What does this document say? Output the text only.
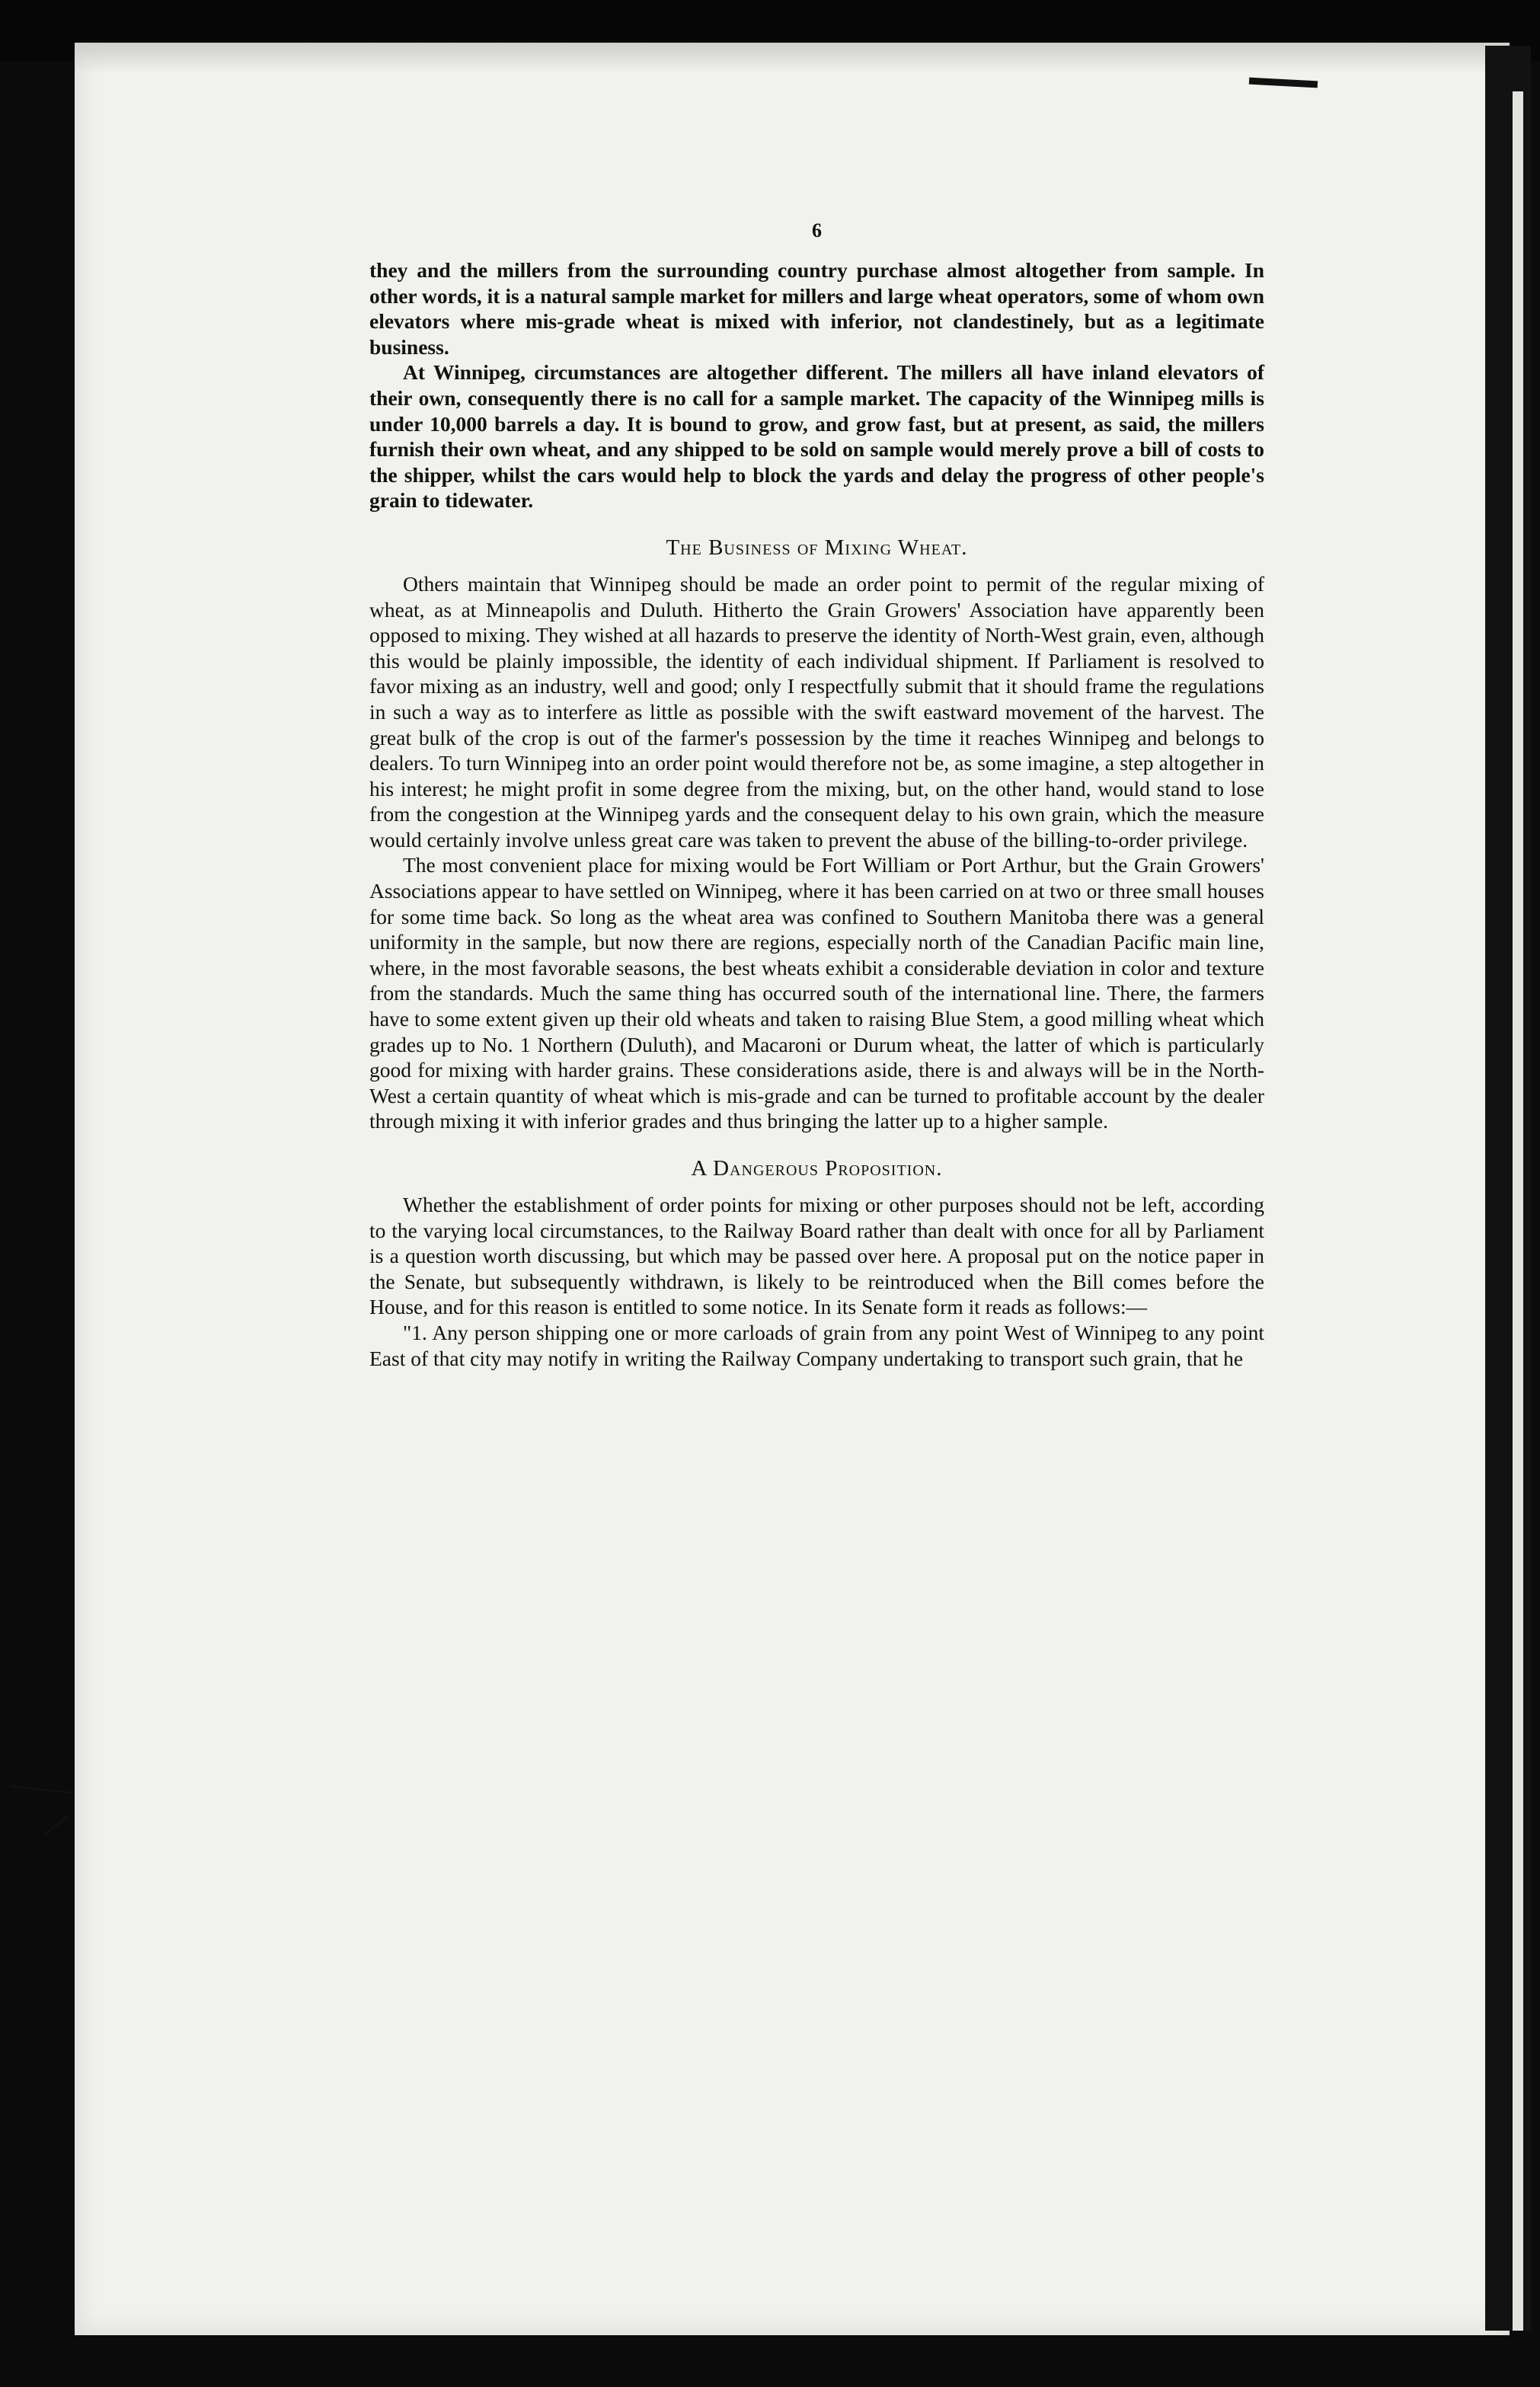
6

they and the millers from the surrounding country purchase almost altogether from sample. In other words, it is a natural sample market for millers and large wheat operators, some of whom own elevators where mis-grade wheat is mixed with inferior, not clandestinely, but as a legitimate business.

At Winnipeg, circumstances are altogether different. The millers all have inland elevators of their own, consequently there is no call for a sample market. The capacity of the Winnipeg mills is under 10,000 barrels a day. It is bound to grow, and grow fast, but at present, as said, the millers furnish their own wheat, and any shipped to be sold on sample would merely prove a bill of costs to the shipper, whilst the cars would help to block the yards and delay the progress of other people's grain to tidewater.

The Business of Mixing Wheat.

Others maintain that Winnipeg should be made an order point to permit of the regular mixing of wheat, as at Minneapolis and Duluth. Hitherto the Grain Growers' Association have apparently been opposed to mixing. They wished at all hazards to preserve the identity of North-West grain, even, although this would be plainly impossible, the identity of each individual shipment. If Parliament is resolved to favor mixing as an industry, well and good; only I respectfully submit that it should frame the regulations in such a way as to interfere as little as possible with the swift eastward movement of the harvest. The great bulk of the crop is out of the farmer's possession by the time it reaches Winnipeg and belongs to dealers. To turn Winnipeg into an order point would therefore not be, as some imagine, a step altogether in his interest; he might profit in some degree from the mixing, but, on the other hand, would stand to lose from the congestion at the Winnipeg yards and the consequent delay to his own grain, which the measure would certainly involve unless great care was taken to prevent the abuse of the billing-to-order privilege.

The most convenient place for mixing would be Fort William or Port Arthur, but the Grain Growers' Associations appear to have settled on Winnipeg, where it has been carried on at two or three small houses for some time back. So long as the wheat area was confined to Southern Manitoba there was a general uniformity in the sample, but now there are regions, especially north of the Canadian Pacific main line, where, in the most favorable seasons, the best wheats exhibit a considerable deviation in color and texture from the standards. Much the same thing has occurred south of the international line. There, the farmers have to some extent given up their old wheats and taken to raising Blue Stem, a good milling wheat which grades up to No. 1 Northern (Duluth), and Macaroni or Durum wheat, the latter of which is particularly good for mixing with harder grains. These considerations aside, there is and always will be in the North-West a certain quantity of wheat which is mis-grade and can be turned to profitable account by the dealer through mixing it with inferior grades and thus bringing the latter up to a higher sample.

A Dangerous Proposition.

Whether the establishment of order points for mixing or other purposes should not be left, according to the varying local circumstances, to the Railway Board rather than dealt with once for all by Parliament is a question worth discussing, but which may be passed over here. A proposal put on the notice paper in the Senate, but subsequently withdrawn, is likely to be reintroduced when the Bill comes before the House, and for this reason is entitled to some notice. In its Senate form it reads as follows:—

"1. Any person shipping one or more carloads of grain from any point West of Winnipeg to any point East of that city may notify in writing the Railway Company undertaking to transport such grain, that he
